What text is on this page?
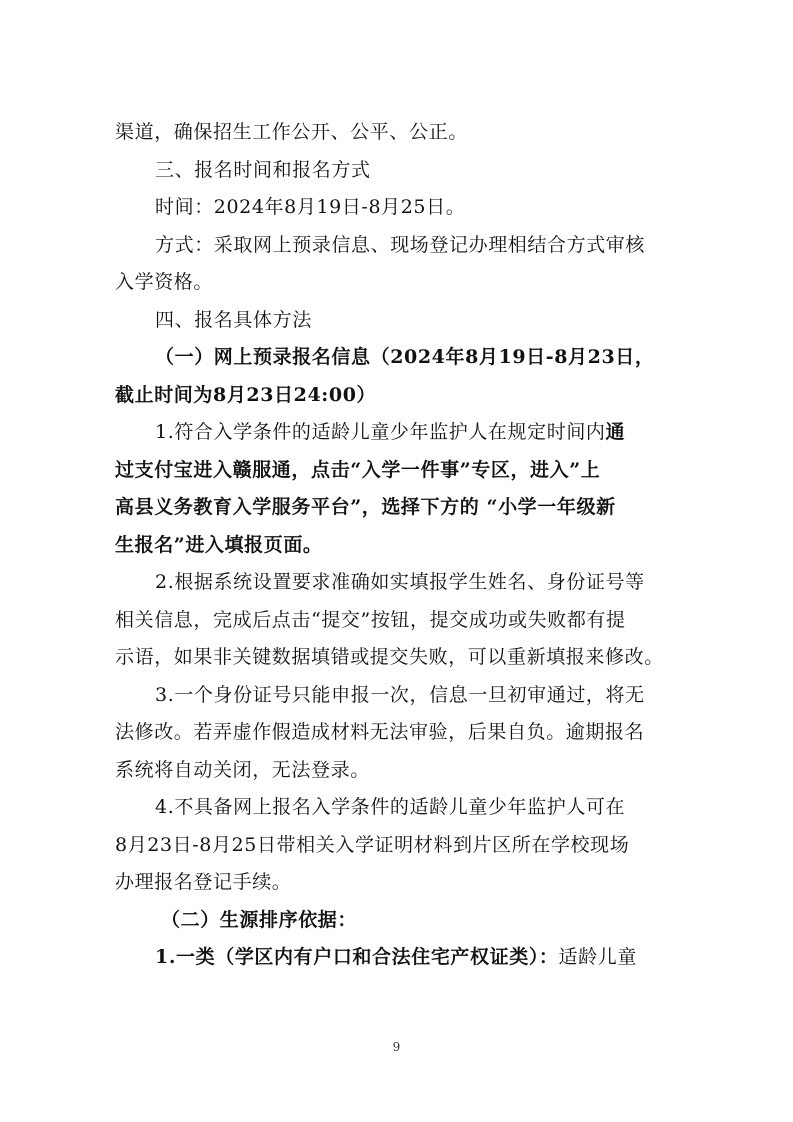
渠道，确保招生工作公开、公平、公正。
三、报名时间和报名方式
时间：2024年8月19日-8月25日。
方式：采取网上预录信息、现场登记办理相结合方式审核
入学资格。
四、报名具体方法
（一）网上预录报名信息（2024年8月19日-8月23日，
截止时间为8月23日24:00）
1.符合入学条件的适龄儿童少年监护人在规定时间内通
过支付宝进入赣服通，点击“入学一件事”专区，进入”上
高县义务教育入学服务平台”，选择下方的 “小学一年级新
生报名”进入填报页面。
2.根据系统设置要求准确如实填报学生姓名、身份证号等
相关信息，完成后点击“提交”按钮，提交成功或失败都有提
示语，如果非关键数据填错或提交失败，可以重新填报来修改。
3.一个身份证号只能申报一次，信息一旦初审通过，将无
法修改。若弄虚作假造成材料无法审验，后果自负。逾期报名
系统将自动关闭，无法登录。
4.不具备网上报名入学条件的适龄儿童少年监护人可在
8月23日-8月25日带相关入学证明材料到片区所在学校现场
办理报名登记手续。
（二）生源排序依据：
1.一类（学区内有户口和合法住宅产权证类）：适龄儿童
9
